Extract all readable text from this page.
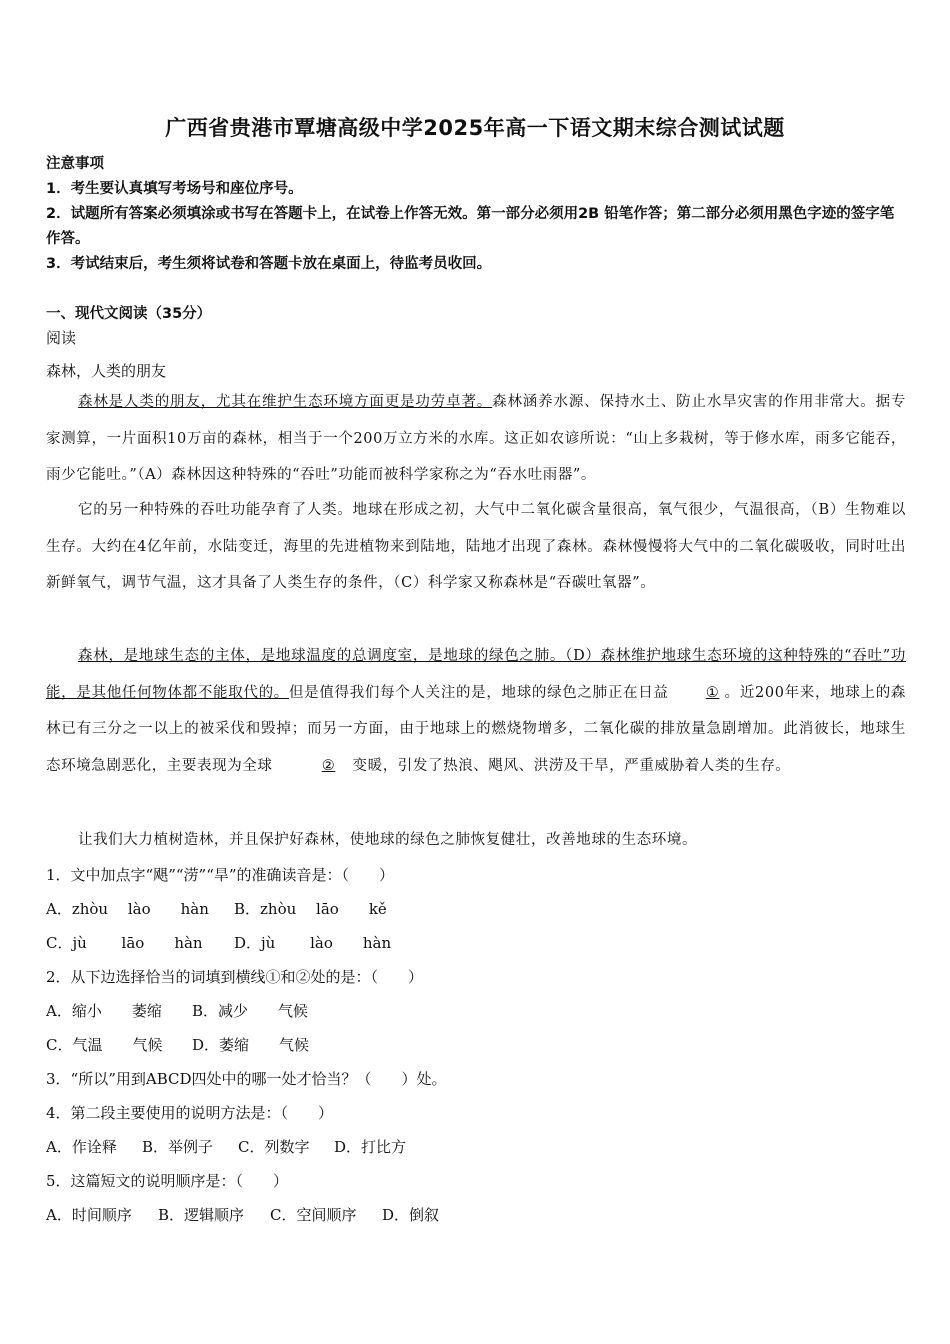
广西省贵港市覃塘高级中学2025年高一下语文期末综合测试试题
注意事项
1．考生要认真填写考场号和座位序号。
2．试题所有答案必须填涂或书写在答题卡上，在试卷上作答无效。第一部分必须用2B 铅笔作答；第二部分必须用黑色字迹的签字笔作答。
3．考试结束后，考生须将试卷和答题卡放在桌面上，待监考员收回。
一、现代文阅读（35分）
阅读
森林，人类的朋友
森林是人类的朋友，尤其在维护生态环境方面更是功劳卓著。森林涵养水源、保持水土、防止水旱灾害的作用非常大。据专家测算，一片面积10万亩的森林，相当于一个200万立方米的水库。这正如农谚所说：“山上多栽树，等于修水库，雨多它能吞，雨少它能吐。”（A）森林因这种特殊的“吞吐”功能而被科学家称之为“吞水吐雨器”。
它的另一种特殊的吞吐功能孕育了人类。地球在形成之初，大气中二氧化碳含量很高，氧气很少，气温很高，（B）生物难以生存。大约在4亿年前，水陆变迁，海里的先进植物来到陆地，陆地才出现了森林。森林慢慢将大气中的二氧化碳吸收，同时吐出新鲜氧气，调节气温，这才具备了人类生存的条件，（C）科学家又称森林是“吞碳吐氧器”。
森林，是地球生态的主体，是地球温度的总调度室，是地球的绿色之肺。（D）森林维护地球生态环境的这种特殊的“吞吐”功能，是其他任何物体都不能取代的。但是值得我们每个人关注的是，地球的绿色之肺正在日益	① 。近200年来，地球上的森林已有三分之一以上的被采伐和毁掉；而另一方面，由于地球上的燃烧物增多，二氧化碳的排放量急剧增加。此消彼长，地球生态环境急剧恶化，主要表现为全球	② 变暖，引发了热浪、飓风、洪涝及干旱，严重威胁着人类的生存。
让我们大力植树造林，并且保护好森林，使地球的绿色之肺恢复健壮，改善地球的生态环境。
1．文中加点字“飓”“涝”“旱”的准确读音是：（　　）
A．zhòu　 lào　　hàn B．zhòu　 lāo　　kě
C．jù　　 lāo　　hàn D．jù　　 lào　　hàn
2．从下边选择恰当的词填到横线①和②处的是：（　　）
A．缩小　　萎缩 B．减少　　气候
C．气温　　气候 D．萎缩　　气候
3．“所以”用到ABCD四处中的哪一处才恰当？（　　）处。
4．第二段主要使用的说明方法是：（　　）
A．作诠释 B．举例子 C．列数字 D．打比方
5．这篇短文的说明顺序是：（　　）
A．时间顺序 B．逻辑顺序 C．空间顺序 D．倒叙
